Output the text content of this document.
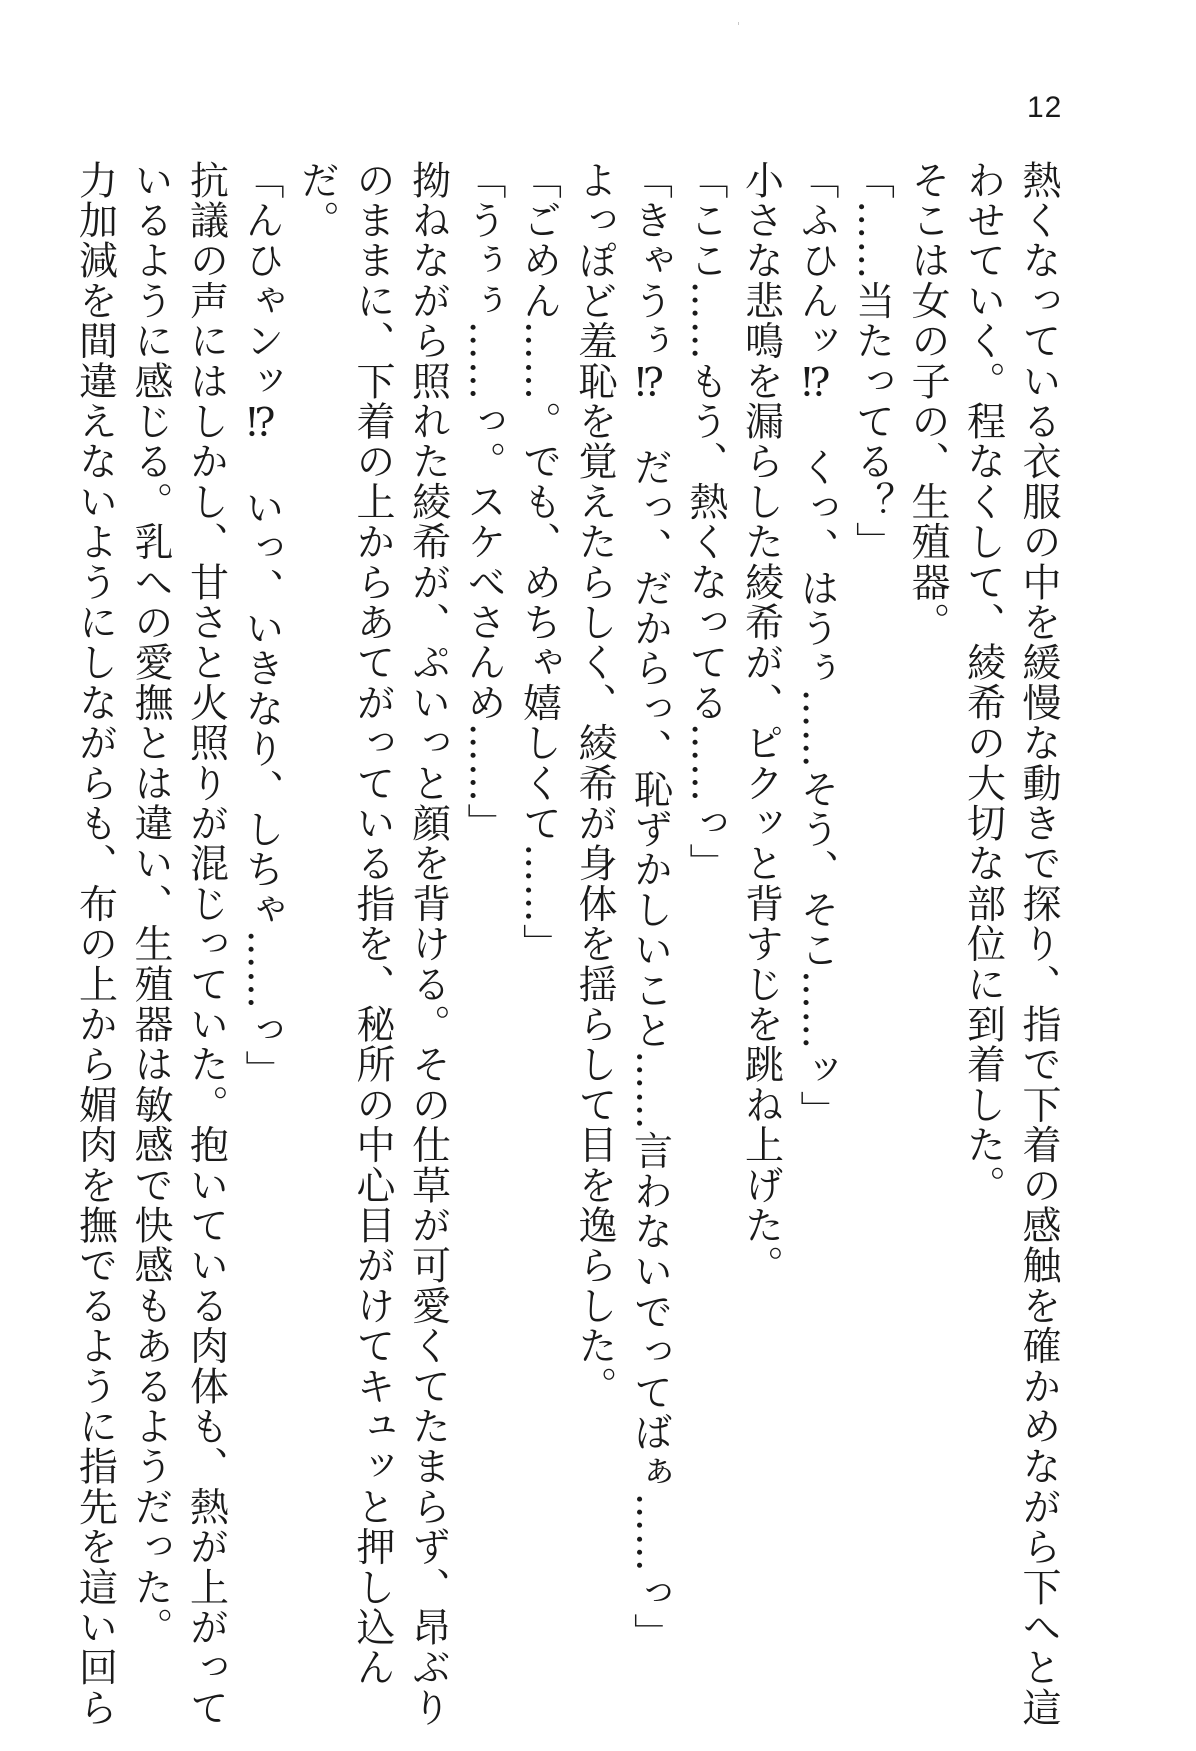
12

熱くなっている衣服の中を緩慢な動きで探り、指で下着の感触を確かめながら下へと這わせていく。程なくして、綾希の大切な部位に到着した。

そこは女の子の、生殖器。

「……当たってる？」

「ふひんッ⁉　くっ、はうぅ……そう、そこ……ッ」

小さな悲鳴を漏らした綾希が、ピクッと背すじを跳ね上げた。

「ここ……もう、熱くなってる……っ」

「きゃうぅ⁉　だっ、だからっ、恥ずかしいこと……言わないでってばぁ……っ」

よっぽど羞恥を覚えたらしく、綾希が身体を揺らして目を逸らした。

「ごめん……。でも、めちゃ嬉しくて……」

「うぅぅ……っ。スケべさんめ……」

拗ねながら照れた綾希が、ぷいっと顔を背ける。その仕草が可愛くてたまらず、昂ぶりのままに、下着の上からあてがっている指を、秘所の中心目がけてキュッと押し込んだ。

「んひゃンッ⁉　いっ、いきなり、しちゃ……っ」

抗議の声にはしかし、甘さと火照りが混じっていた。抱いている肉体も、熱が上がっているように感じる。乳への愛撫とは違い、生殖器は敏感で快感もあるようだった。

力加減を間違えないようにしながらも、布の上から媚肉を撫でるように指先を這い回ら
